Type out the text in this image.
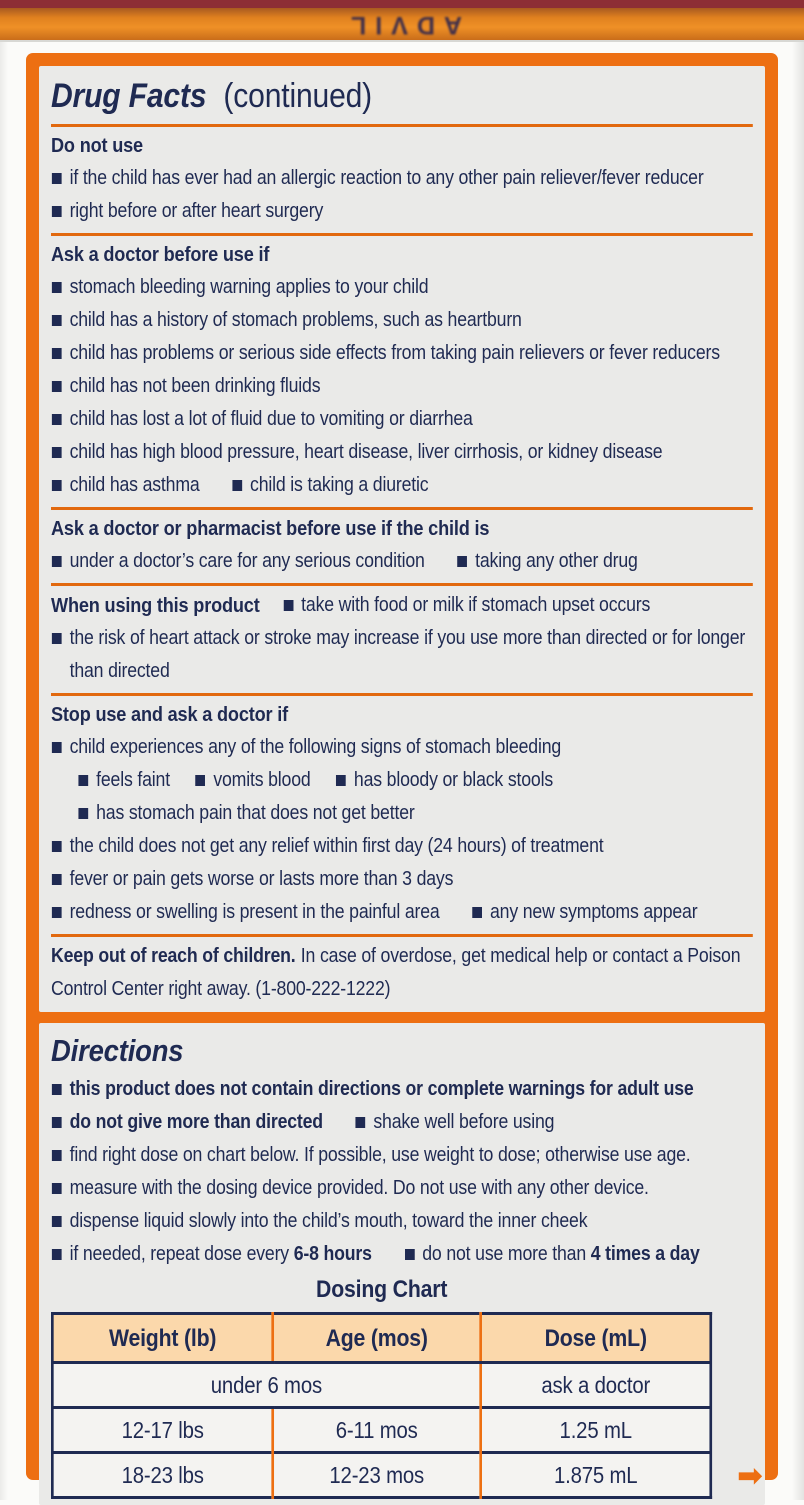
ADVIL
Drug Facts (continued)
Do not use
if the child has ever had an allergic reaction to any other pain reliever/fever reducer
right before or after heart surgery
Ask a doctor before use if
stomach bleeding warning applies to your child
child has a history of stomach problems, such as heartburn
child has problems or serious side effects from taking pain relievers or fever reducers
child has not been drinking fluids
child has lost a lot of fluid due to vomiting or diarrhea
child has high blood pressure, heart disease, liver cirrhosis, or kidney disease
child has asthma	child is taking a diuretic
Ask a doctor or pharmacist before use if the child is
under a doctor’s care for any serious condition	taking any other drug
When using this product take with food or milk if stomach upset occurs
the risk of heart attack or stroke may increase if you use more than directed or for longer than directed
Stop use and ask a doctor if
child experiences any of the following signs of stomach bleeding
feels faint vomits blood has bloody or black stools
has stomach pain that does not get better
the child does not get any relief within first day (24 hours) of treatment
fever or pain gets worse or lasts more than 3 days
redness or swelling is present in the painful area	any new symptoms appear

Keep out of reach of children. In case of overdose, get medical help or contact a Poison Control Center right away. (1-800-222-1222)

Directions
this product does not contain directions or complete warnings for adult use
do not give more than directed	shake well before using
find right dose on chart below. If possible, use weight to dose; otherwise use age.
measure with the dosing device provided. Do not use with any other device.
dispense liquid slowly into the child’s mouth, toward the inner cheek
if needed, repeat dose every 6-8 hours	do not use more than 4 times a day
Dosing Chart
Weight (lb)	Age (mos)	Dose (mL)
under 6 mos		ask a doctor
12-17 lbs	6-11 mos	1.25 mL
18-23 lbs	12-23 mos	1.875 mL	➡
